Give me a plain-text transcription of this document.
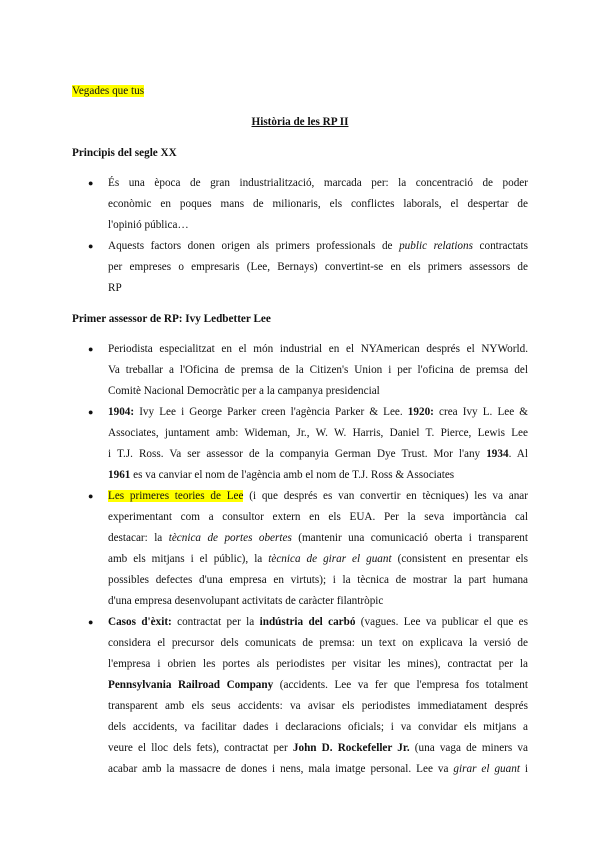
Vegades que tus
Història de les RP II
Principis del segle XX
● És una època de gran industrialització, marcada per: la concentració de poder
econòmic en poques mans de milionaris, els conflictes laborals, el despertar de
l'opinió pública…
● Aquests factors donen origen als primers professionals de public relations contractats
per empreses o empresaris (Lee, Bernays) convertint-se en els primers assessors de
RP
Primer assessor de RP: Ivy Ledbetter Lee
● Periodista especialitzat en el món industrial en el NYAmerican després el NYWorld.
Va treballar a l'Oficina de premsa de la Citizen's Union i per l'oficina de premsa del
Comitè Nacional Democràtic per a la campanya presidencial
● 1904: Ivy Lee i George Parker creen l'agència Parker & Lee. 1920: crea Ivy L. Lee &
Associates, juntament amb: Wideman, Jr., W. W. Harris, Daniel T. Pierce, Lewis Lee
i T.J. Ross. Va ser assessor de la companyia German Dye Trust. Mor l'any 1934. Al
1961 es va canviar el nom de l'agència amb el nom de T.J. Ross & Associates
● Les primeres teories de Lee (i que després es van convertir en tècniques) les va anar
experimentant com a consultor extern en els EUA. Per la seva importància cal
destacar: la tècnica de portes obertes (mantenir una comunicació oberta i transparent
amb els mitjans i el públic), la tècnica de girar el guant (consistent en presentar els
possibles defectes d'una empresa en virtuts); i la tècnica de mostrar la part humana
d'una empresa desenvolupant activitats de caràcter filantròpic
● Casos d'èxit: contractat per la indústria del carbó (vagues. Lee va publicar el que es
considera el precursor dels comunicats de premsa: un text on explicava la versió de
l'empresa i obrien les portes als periodistes per visitar les mines), contractat per la
Pennsylvania Railroad Company (accidents. Lee va fer que l'empresa fos totalment
transparent amb els seus accidents: va avisar els periodistes immediatament després
dels accidents, va facilitar dades i declaracions oficials; i va convidar els mitjans a
veure el lloc dels fets), contractat per John D. Rockefeller Jr. (una vaga de miners va
acabar amb la massacre de dones i nens, mala imatge personal. Lee va girar el guant i
